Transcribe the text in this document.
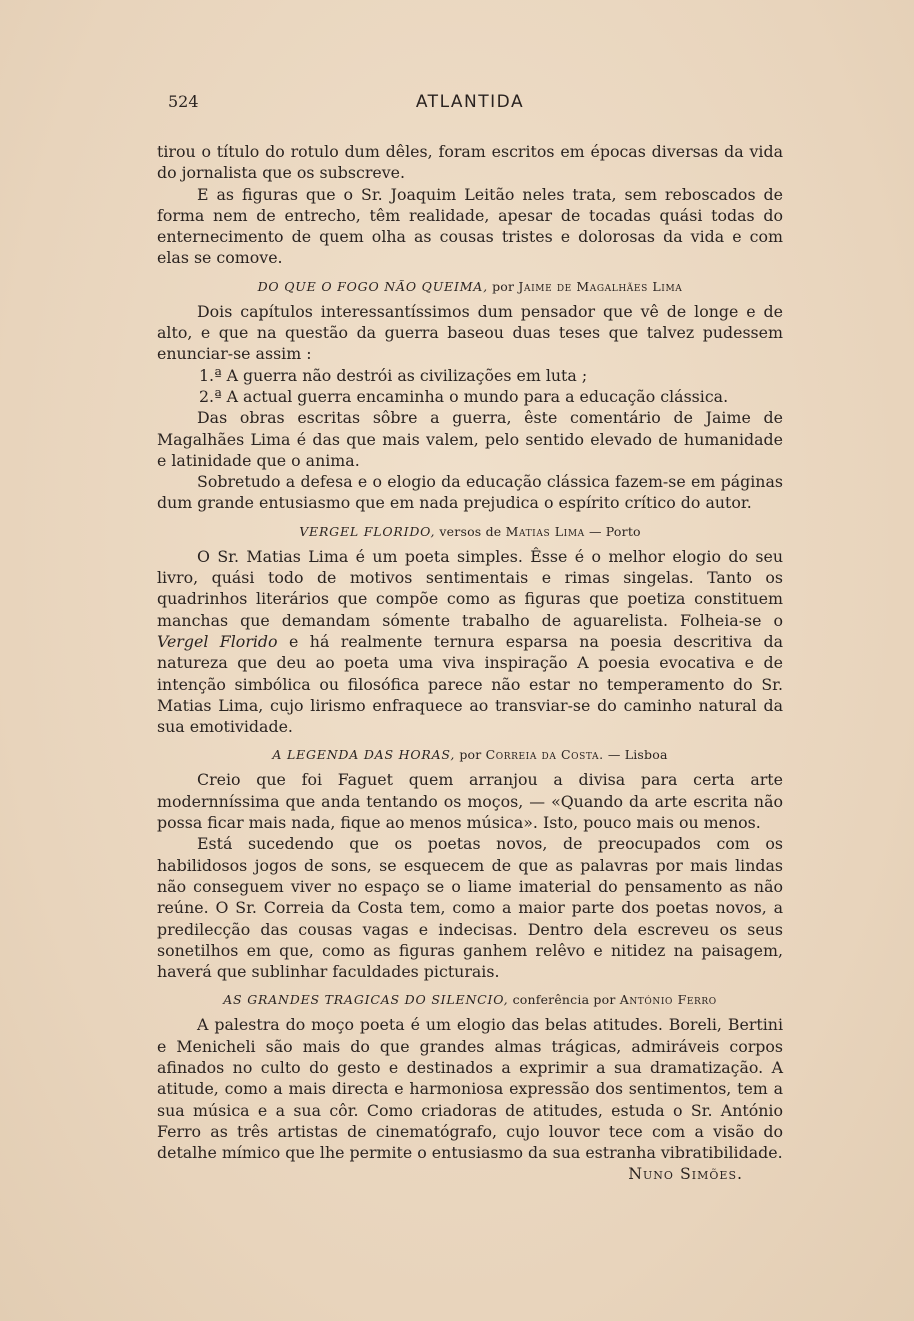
524	ATLANTIDA

tirou o título do rotulo dum dêles, foram escritos em épocas diversas da vida do jornalista que os subscreve.

E as figuras que o Sr. Joaquim Leitão neles trata, sem reboscados de forma nem de entrecho, têm realidade, apesar de tocadas quási todas do enternecimento de quem olha as cousas tristes e dolorosas da vida e com elas se comove.

DO QUE O FOGO NÃO QUEIMA, por Jaime de Magalhães Lima

Dois capítulos interessantíssimos dum pensador que vê de longe e de alto, e que na questão da guerra baseou duas teses que talvez pudessem enunciar-se assim :

1.ª A guerra não destrói as civilizações em luta ;

2.ª A actual guerra encaminha o mundo para a educação clássica.

Das obras escritas sôbre a guerra, êste comentário de Jaime de Magalhães Lima é das que mais valem, pelo sentido elevado de humanidade e latinidade que o anima.

Sobretudo a defesa e o elogio da educação clássica fazem-se em páginas dum grande entusiasmo que em nada prejudica o espírito crítico do autor.

VERGEL FLORIDO, versos de Matias Lima — Porto

O Sr. Matias Lima é um poeta simples. Êsse é o melhor elogio do seu livro, quási todo de motivos sentimentais e rimas singelas. Tanto os quadrinhos literários que compõe como as figuras que poetiza constituem manchas que demandam sómente trabalho de aguarelista. Folheia-se o Vergel Florido e há realmente ternura esparsa na poesia descritiva da natureza que deu ao poeta uma viva inspiração A poesia evocativa e de intenção simbólica ou filosófica parece não estar no temperamento do Sr. Matias Lima, cujo lirismo enfraquece ao transviar-se do caminho natural da sua emotividade.

A LEGENDA DAS HORAS, por Correia da Costa. — Lisboa

Creio que foi Faguet quem arranjou a divisa para certa arte modernníssima que anda tentando os moços, — «Quando da arte escrita não possa ficar mais nada, fique ao menos música». Isto, pouco mais ou menos.

Está sucedendo que os poetas novos, de preocupados com os habilidosos jogos de sons, se esquecem de que as palavras por mais lindas não conseguem viver no espaço se o liame imaterial do pensamento as não reúne. O Sr. Correia da Costa tem, como a maior parte dos poetas novos, a predilecção das cousas vagas e indecisas. Dentro dela escreveu os seus sonetilhos em que, como as figuras ganhem relêvo e nitidez na paisagem, haverá que sublinhar faculdades picturais.

AS GRANDES TRAGICAS DO SILENCIO, conferência por António Ferro

A palestra do moço poeta é um elogio das belas atitudes. Boreli, Bertini e Menicheli são mais do que grandes almas trágicas, admiráveis corpos afinados no culto do gesto e destinados a exprimir a sua dramatização. A atitude, como a mais directa e harmoniosa expressão dos sentimentos, tem a sua música e a sua côr. Como criadoras de atitudes, estuda o Sr. António Ferro as três artistas de cinematógrafo, cujo louvor tece com a visão do detalhe mímico que lhe permite o entusiasmo da sua estranha vibratibilidade.

Nuno Simões.
